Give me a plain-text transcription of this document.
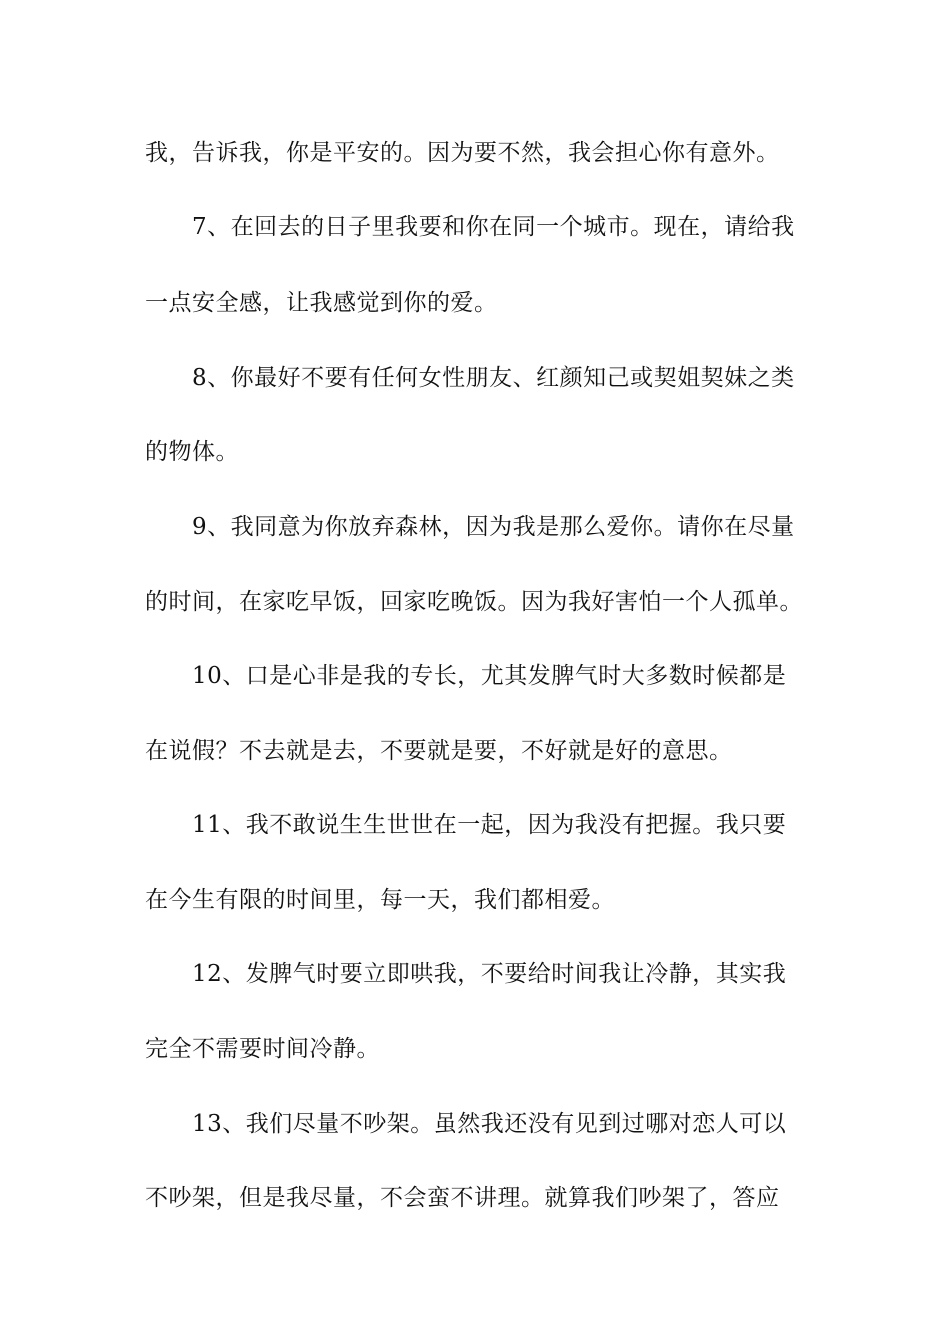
我，告诉我，你是平安的。因为要不然，我会担心你有意外。
7、在回去的日子里我要和你在同一个城市。现在，请给我
一点安全感，让我感觉到你的爱。
8、你最好不要有任何女性朋友、红颜知己或契姐契妹之类
的物体。
9、我同意为你放弃森林，因为我是那么爱你。请你在尽量
的时间，在家吃早饭，回家吃晚饭。因为我好害怕一个人孤单。
10、口是心非是我的专长，尤其发脾气时大多数时候都是
在说假？不去就是去，不要就是要，不好就是好的意思。
11、我不敢说生生世世在一起，因为我没有把握。我只要
在今生有限的时间里，每一天，我们都相爱。
12、发脾气时要立即哄我，不要给时间我让冷静，其实我
完全不需要时间冷静。
13、我们尽量不吵架。虽然我还没有见到过哪对恋人可以
不吵架，但是我尽量，不会蛮不讲理。就算我们吵架了，答应
